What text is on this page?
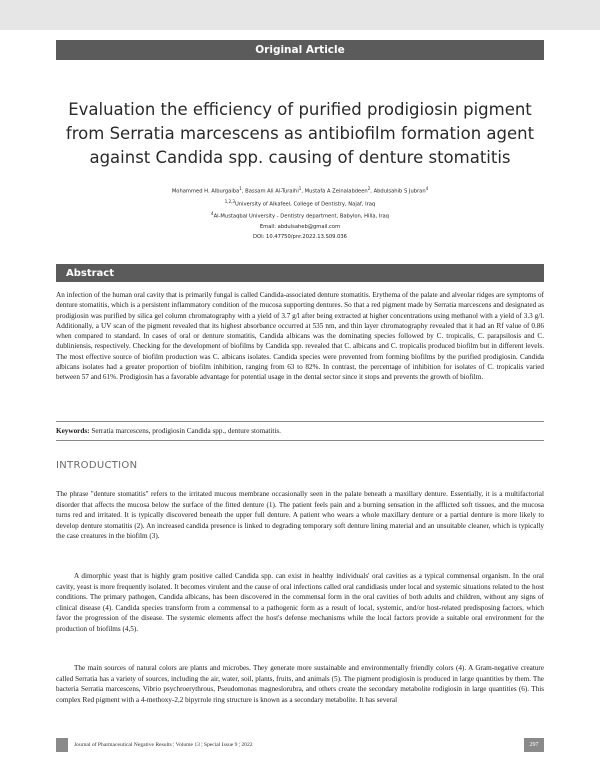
Original Article
Evaluation the efficiency of purified prodigiosin pigment
from Serratia marcescens as antibiofilm formation agent
against Candida spp. causing of denture stomatitis
Mohammed H. Alburgaiba$^1$, Bassam Ali Al-Turaihi$^1$, Mustafa A Zeinalabdeen$^2$, Abdulsahib S Jubran$^4$
$^{1,2,3}$University of Alkafeel, College of Dentistry, Najaf, Iraq
$^4$Al-Mustaqbal University - Dentistry department, Babylon, Hilla, Iraq
Email: abdulsaheb@gmail.com
DOI: 10.47750/pnr.2022.13.S09.036
Abstract
An infection of the human oral cavity that is primarily fungal is called Candida-associated denture stomatitis. Erythema of the palate and alveolar ridges are symptoms of denture stomatitis, which is a persistent inflammatory condition of the mucosa supporting dentures. So that a red pigment made by Serratia marcescens and designated as prodigiosin was purified by silica gel column chromatography with a yield of 3.7 g/l after being extracted at higher concentrations using methanol with a yield of 3.3 g/l. Additionally, a UV scan of the pigment revealed that its highest absorbance occurred at 535 nm, and thin layer chromatography revealed that it had an Rf value of 0.86 when compared to standard. In cases of oral or denture stomatitis, Candida albicans was the dominating species followed by C. tropicalis, C. parapsilosis and C. dubliniensis, respectively. Checking for the development of biofilms by Candida spp. revealed that C. albicans and C. tropicalis produced biofilm but in different levels. The most effective source of biofilm production was C. albicans isolates. Candida species were prevented from forming biofilms by the purified prodigiosin. Candida albicans isolates had a greater proportion of biofilm inhibition, ranging from 63 to 82%. In contrast, the percentage of inhibition for isolates of C. tropicalis varied between 57 and 61%. Prodigiosin has a favorable advantage for potential usage in the dental sector since it stops and prevents the growth of biofilm.
Keywords: Serratia marcescens, prodigiosin Candida spp., denture stomatitis.
INTRODUCTION
The phrase "denture stomatitis" refers to the irritated mucous membrane occasionally seen in the palate beneath a maxillary denture. Essentially, it is a multifactorial disorder that affects the mucosa below the surface of the fitted denture (1). The patient feels pain and a burning sensation in the afflicted soft tissues, and the mucosa turns red and irritated. It is typically discovered beneath the upper full denture. A patient who wears a whole maxillary denture or a partial denture is more likely to develop denture stomatitis (2). An increased candida presence is linked to degrading temporary soft denture lining material and an unsuitable cleaner, which is typically the case creatures in the biofilm (3).
A dimorphic yeast that is highly gram positive called Candida spp. can exist in healthy individuals' oral cavities as a typical commensal organism. In the oral cavity, yeast is more frequently isolated. It becomes virulent and the cause of oral infections called oral candidiasis under local and systemic situations related to the host conditions. The primary pathogen, Candida albicans, has been discovered in the commensal form in the oral cavities of both adults and children, without any signs of clinical disease (4). Candida species transform from a commensal to a pathogenic form as a result of local, systemic, and/or host-related predisposing factors, which favor the progression of the disease. The systemic elements affect the host's defense mechanisms while the local factors provide a suitable oral environment for the production of biofilms (4,5).
The main sources of natural colors are plants and microbes. They generate more sustainable and environmentally friendly colors (4). A Gram-negative creature called Serratia has a variety of sources, including the air, water, soil, plants, fruits, and animals (5). The pigment prodigiosin is produced in large quantities by them. The bacteria Serratia marcescens, Vibrio psychroerythrous, Pseudomonas magneslorubra, and others create the secondary metabolite rodigiosin in large quantities (6). This complex Red pigment with a 4-methoxy-2,2 bipyrrole ring structure is known as a secondary metabolite. It has several
Journal of Pharmaceutical Negative Results ¦ Volume 13 ¦ Special Issue 9 ¦ 2022	297
